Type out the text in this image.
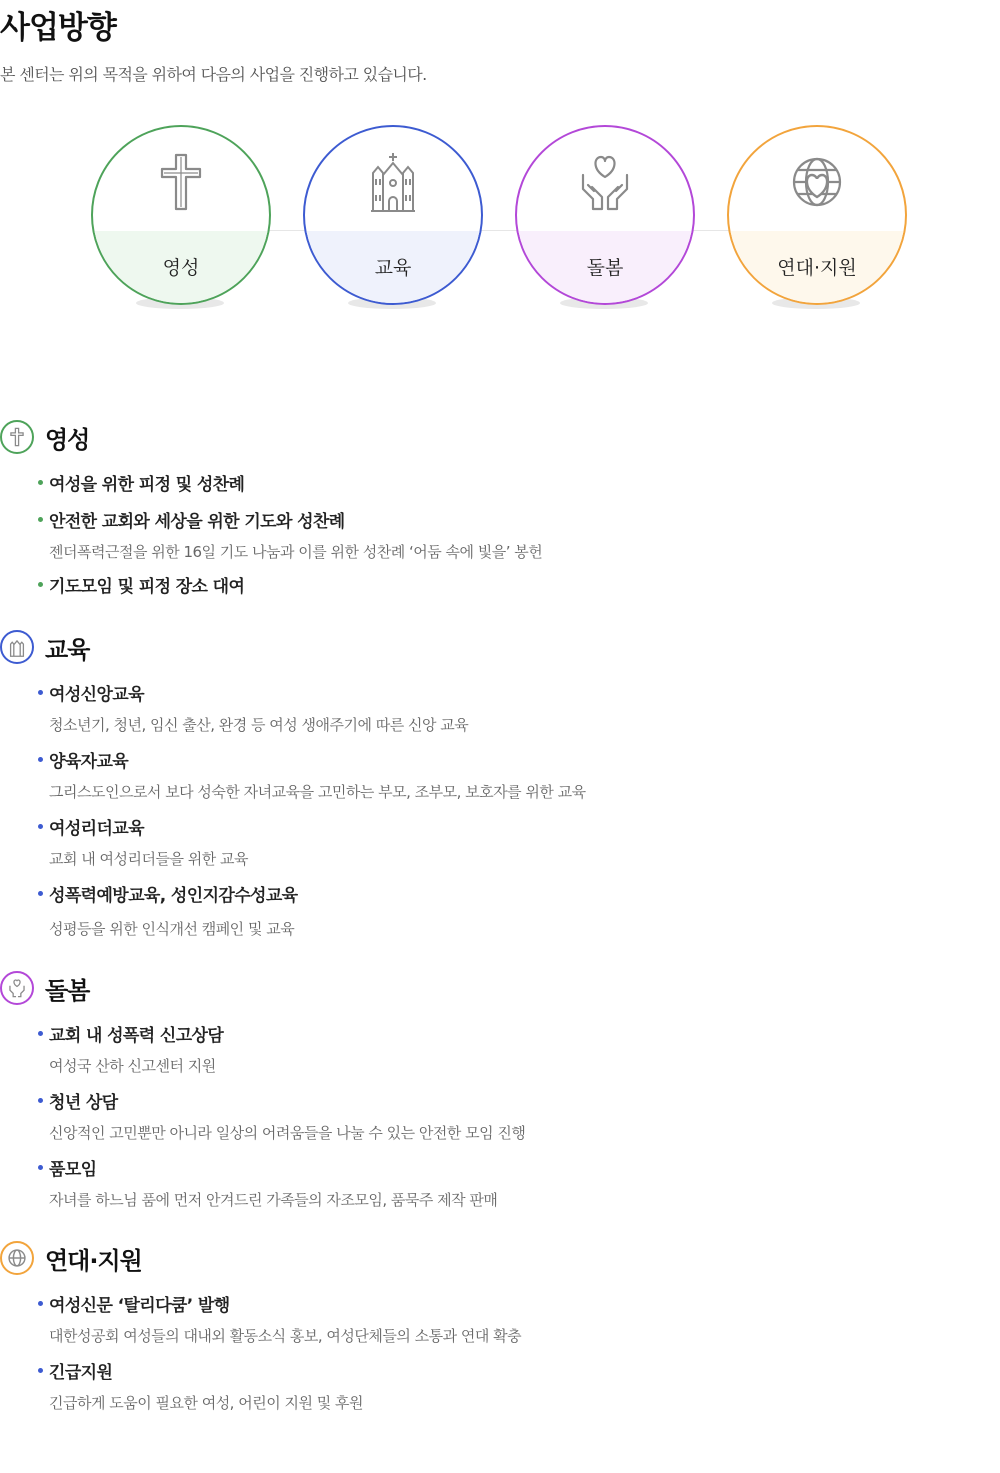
사업방향
본 센터는 위의 목적을 위하여 다음의 사업을 진행하고 있습니다.
영성	교육	돌봄	연대·지원
영성
여성을 위한 피정 및 성찬례
안전한 교회와 세상을 위한 기도와 성찬례
젠더폭력근절을 위한 16일 기도 나눔과 이를 위한 성찬례 ‘어둠 속에 빛을’ 봉헌
기도모임 및 피정 장소 대여
교육
여성신앙교육
청소년기, 청년, 임신 출산, 완경 등 여성 생애주기에 따른 신앙 교육
양육자교육
그리스도인으로서 보다 성숙한 자녀교육을 고민하는 부모, 조부모, 보호자를 위한 교육
여성리더교육
교회 내 여성리더들을 위한 교육
성폭력예방교육, 성인지감수성교육
성평등을 위한 인식개선 캠페인 및 교육
돌봄
교회 내 성폭력 신고상담
여성국 산하 신고센터 지원
청년 상담
신앙적인 고민뿐만 아니라 일상의 어려움들을 나눌 수 있는 안전한 모임 진행
품모임
자녀를 하느님 품에 먼저 안겨드린 가족들의 자조모임, 품묵주 제작 판매
연대·지원
여성신문 ‘탈리다쿰’ 발행
대한성공회 여성들의 대내외 활동소식 홍보, 여성단체들의 소통과 연대 확충
긴급지원
긴급하게 도움이 필요한 여성, 어린이 지원 및 후원
